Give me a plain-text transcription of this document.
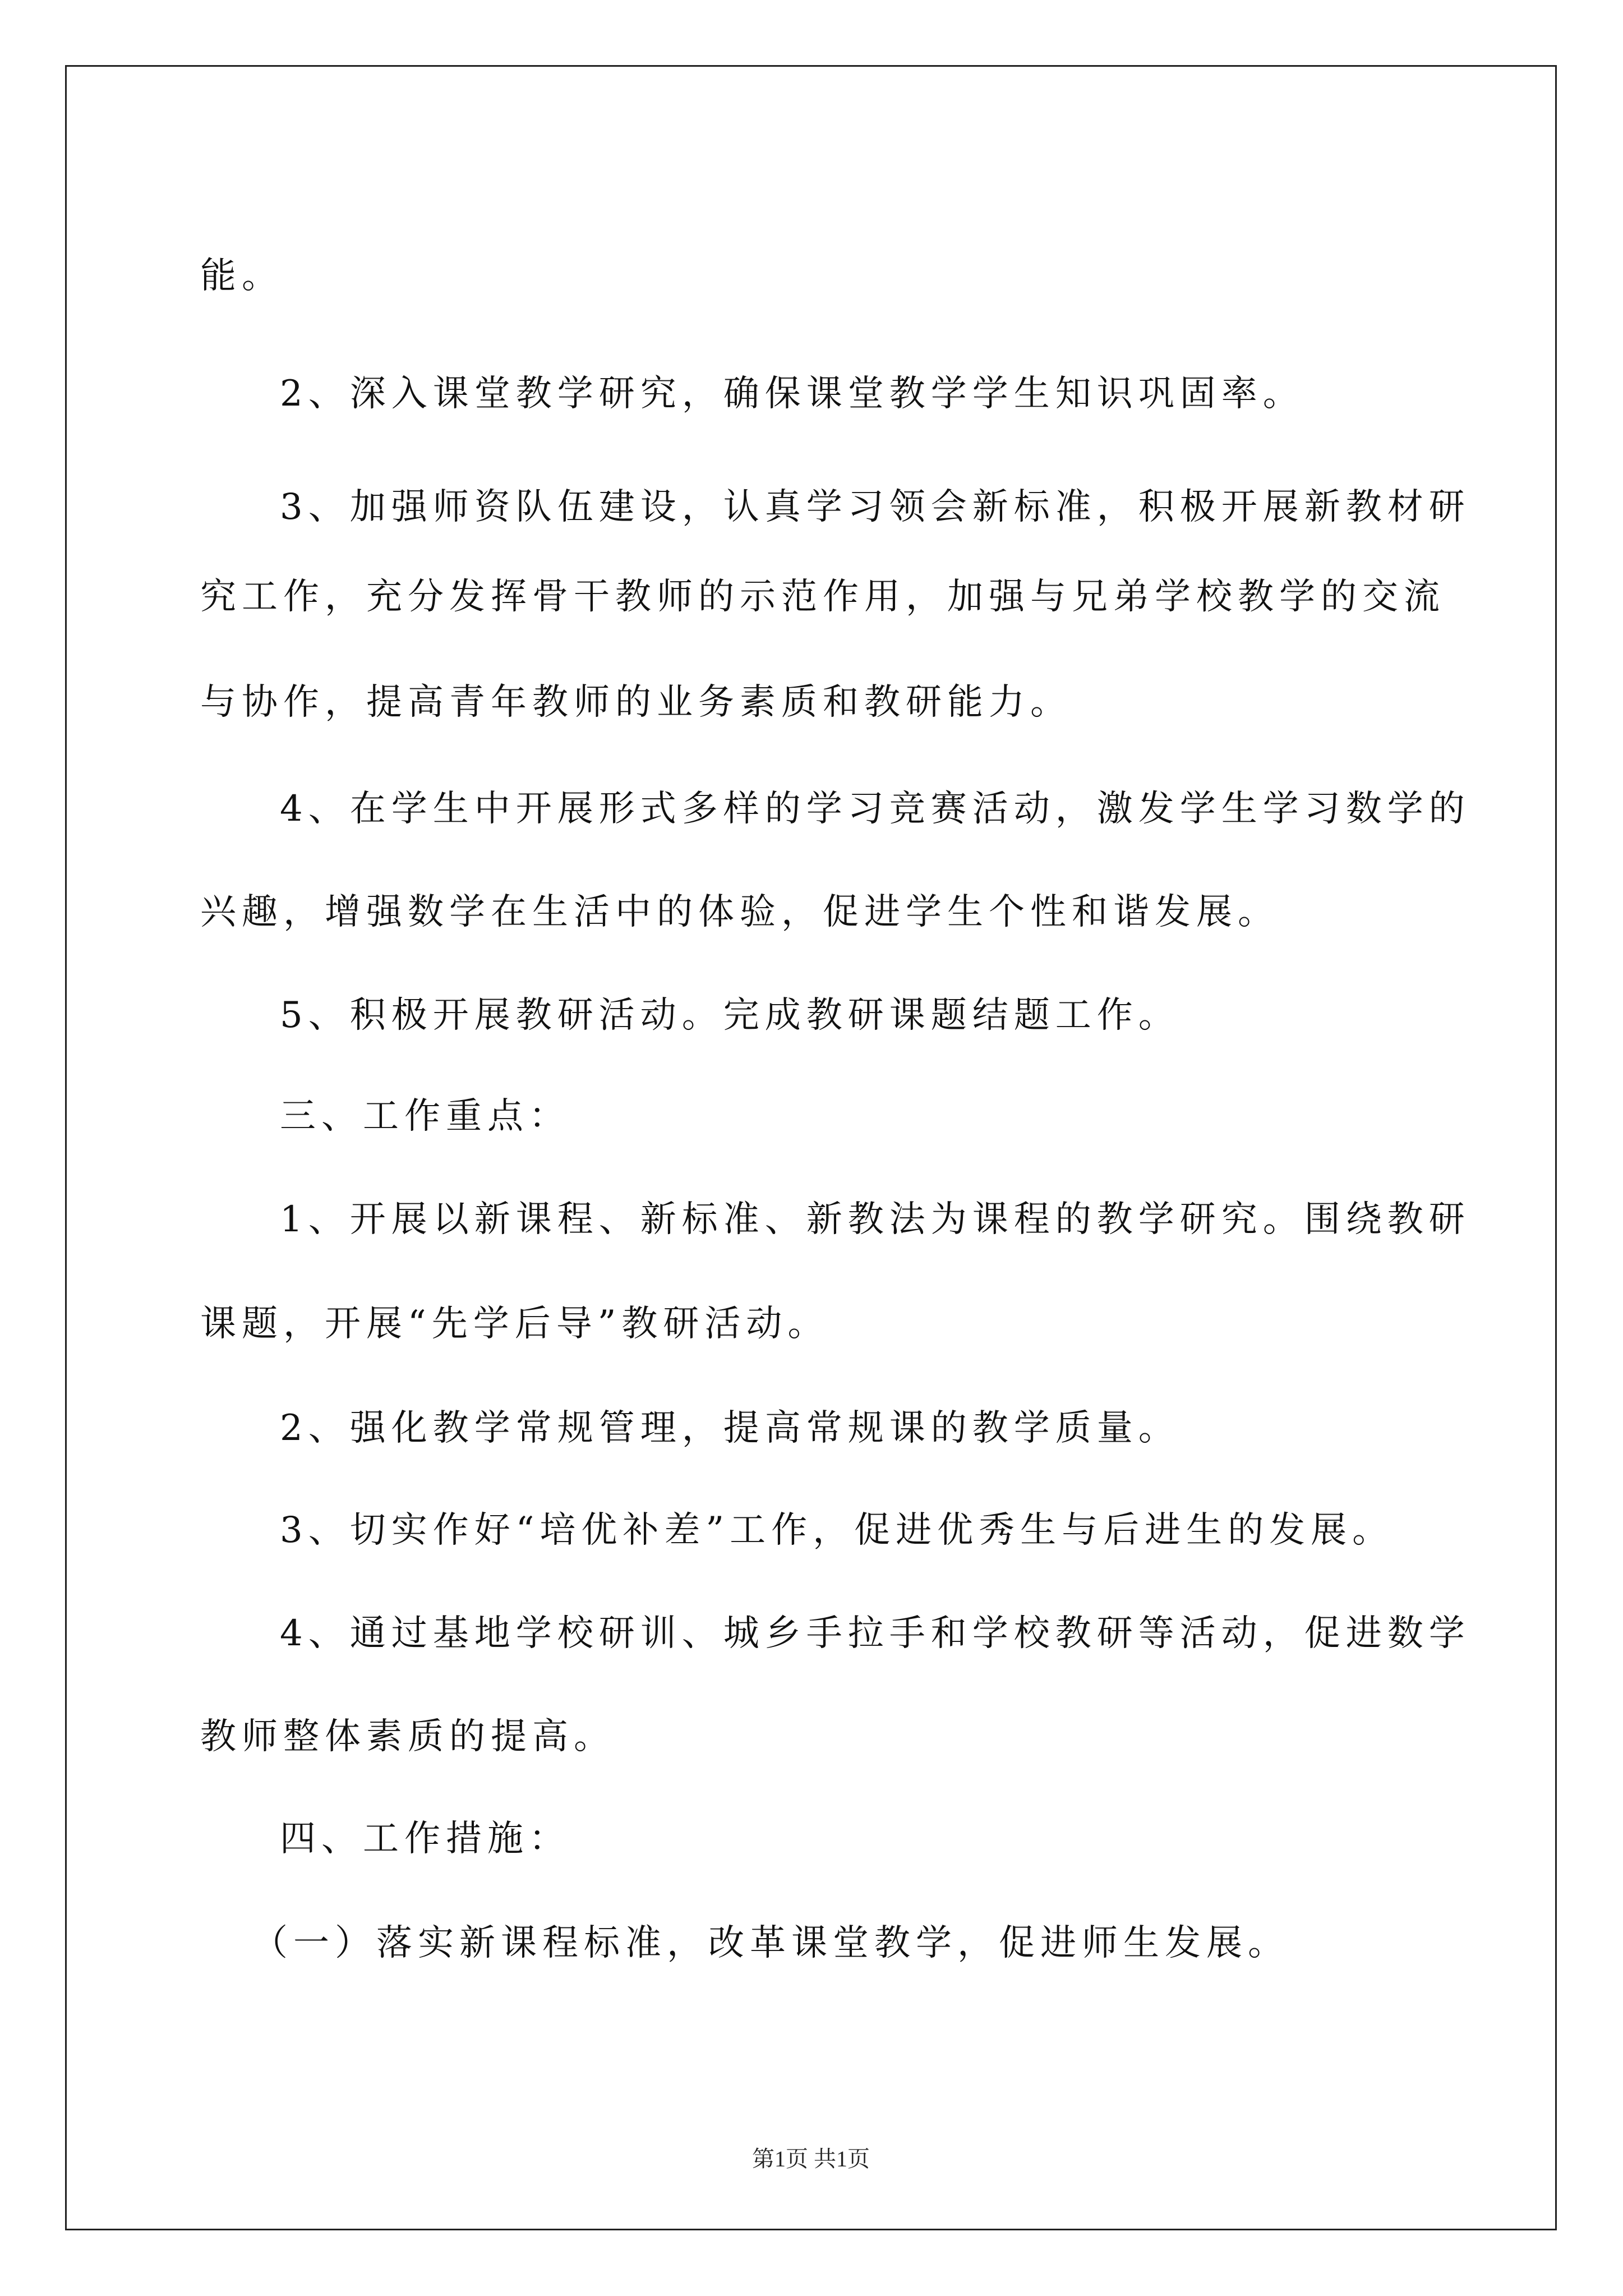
能。
2、深入课堂教学研究，确保课堂教学学生知识巩固率。
3、加强师资队伍建设，认真学习领会新标准，积极开展新教材研
究工作，充分发挥骨干教师的示范作用，加强与兄弟学校教学的交流
与协作，提高青年教师的业务素质和教研能力。
4、在学生中开展形式多样的学习竞赛活动，激发学生学习数学的
兴趣，增强数学在生活中的体验，促进学生个性和谐发展。
5、积极开展教研活动。完成教研课题结题工作。
三、工作重点：
1、开展以新课程、新标准、新教法为课程的教学研究。围绕教研
课题，开展“先学后导”教研活动。
2、强化教学常规管理，提高常规课的教学质量。
3、切实作好“培优补差”工作，促进优秀生与后进生的发展。
4、通过基地学校研训、城乡手拉手和学校教研等活动，促进数学
教师整体素质的提高。
四、工作措施：
（一）落实新课程标准，改革课堂教学，促进师生发展。
第1页 共1页
